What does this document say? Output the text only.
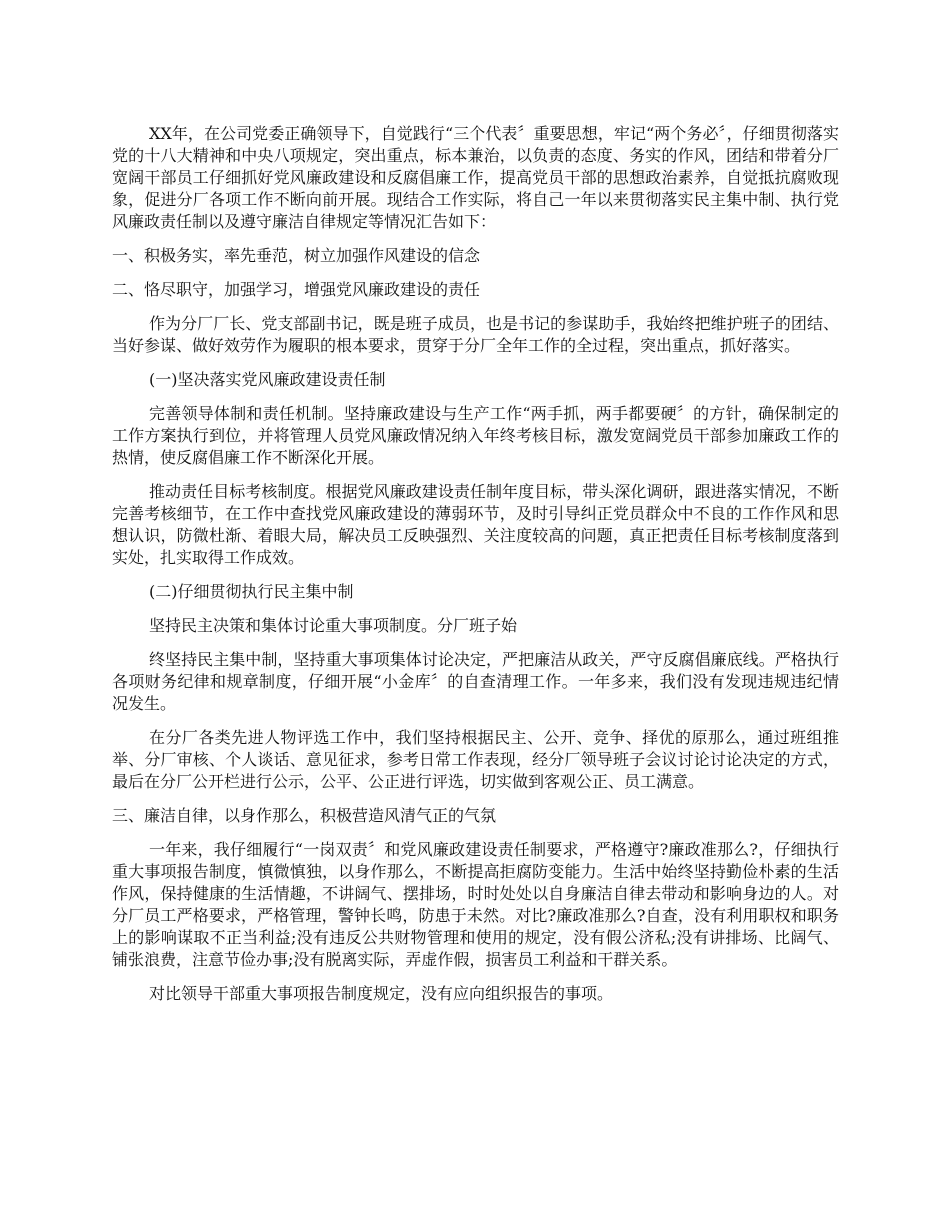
XX年，在公司党委正确领导下，自觉践行“三个代表〞重要思想，牢记“两个务必〞，仔细贯彻落实党的十八大精神和中央八项规定，突出重点，标本兼治，以负责的态度、务实的作风，团结和带着分厂宽阔干部员工仔细抓好党风廉政建设和反腐倡廉工作，提高党员干部的思想政治素养，自觉抵抗腐败现象，促进分厂各项工作不断向前开展。现结合工作实际，将自己一年以来贯彻落实民主集中制、执行党风廉政责任制以及遵守廉洁自律规定等情况汇告如下：

一、积极务实，率先垂范，树立加强作风建设的信念

二、恪尽职守，加强学习，增强党风廉政建设的责任

作为分厂厂长、党支部副书记，既是班子成员，也是书记的参谋助手，我始终把维护班子的团结、当好参谋、做好效劳作为履职的根本要求，贯穿于分厂全年工作的全过程，突出重点，抓好落实。

(一)坚决落实党风廉政建设责任制

完善领导体制和责任机制。坚持廉政建设与生产工作“两手抓，两手都要硬〞的方针，确保制定的工作方案执行到位，并将管理人员党风廉政情况纳入年终考核目标，激发宽阔党员干部参加廉政工作的热情，使反腐倡廉工作不断深化开展。

推动责任目标考核制度。根据党风廉政建设责任制年度目标，带头深化调研，跟进落实情况，不断完善考核细节，在工作中查找党风廉政建设的薄弱环节，及时引导纠正党员群众中不良的工作作风和思想认识，防微杜渐、着眼大局，解决员工反映强烈、关注度较高的问题，真正把责任目标考核制度落到实处，扎实取得工作成效。

(二)仔细贯彻执行民主集中制

坚持民主决策和集体讨论重大事项制度。分厂班子始

终坚持民主集中制，坚持重大事项集体讨论决定，严把廉洁从政关，严守反腐倡廉底线。严格执行各项财务纪律和规章制度，仔细开展“小金库〞的自查清理工作。一年多来，我们没有发现违规违纪情况发生。

在分厂各类先进人物评选工作中，我们坚持根据民主、公开、竞争、择优的原那么，通过班组推举、分厂审核、个人谈话、意见征求，参考日常工作表现，经分厂领导班子会议讨论讨论决定的方式，最后在分厂公开栏进行公示，公平、公正进行评选，切实做到客观公正、员工满意。

三、廉洁自律，以身作那么，积极营造风清气正的气氛

一年来，我仔细履行“一岗双责〞和党风廉政建设责任制要求，严格遵守?廉政准那么?，仔细执行重大事项报告制度，慎微慎独，以身作那么，不断提高拒腐防变能力。生活中始终坚持勤俭朴素的生活作风，保持健康的生活情趣，不讲阔气、摆排场，时时处处以自身廉洁自律去带动和影响身边的人。对分厂员工严格要求，严格管理，警钟长鸣，防患于未然。对比?廉政准那么?自查，没有利用职权和职务上的影响谋取不正当利益;没有违反公共财物管理和使用的规定，没有假公济私;没有讲排场、比阔气、铺张浪费，注意节俭办事;没有脱离实际，弄虚作假，损害员工利益和干群关系。

对比领导干部重大事项报告制度规定，没有应向组织报告的事项。
